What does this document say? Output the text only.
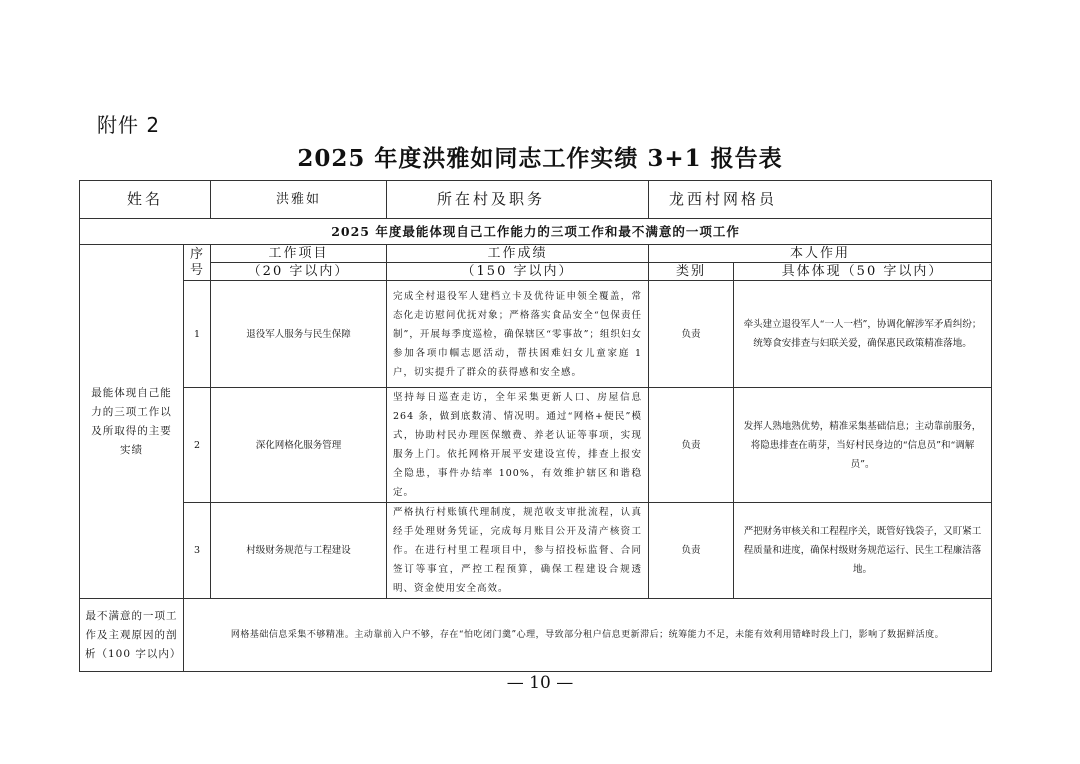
附件 2
2025 年度洪雅如同志工作实绩 3+1 报告表
姓名		洪雅如	所在村及职务	龙西村网格员	
2025 年度最能体现自己工作能力的三项工作和最不满意的一项工作					
最能体现自己能力的三项工作以及所取得的主要实绩	序号	工作项目	工作成绩	本人作用	
		（20 字以内）	（150 字以内）	类别	具体体现（50 字以内）
	1	退役军人服务与民生保障	完成全村退役军人建档立卡及优待证申领全覆盖，常态化走访慰问优抚对象；严格落实食品安全“包保责任制”，开展每季度巡检，确保辖区“零事故”；组织妇女参加各项巾帼志愿活动，帮扶困难妇女儿童家庭 1 户，切实提升了群众的获得感和安全感。	负责	牵头建立退役军人“一人一档”，协调化解涉军矛盾纠纷；统筹食安排查与妇联关爱，确保惠民政策精准落地。
	2	深化网格化服务管理	坚持每日巡查走访，全年采集更新人口、房屋信息 264 条，做到底数清、情况明。通过“网格+便民”模式，协助村民办理医保缴费、养老认证等事项，实现服务上门。依托网格开展平安建设宣传，排查上报安全隐患，事件办结率 100%，有效维护辖区和谐稳定。	负责	发挥人熟地熟优势，精准采集基础信息；主动靠前服务，将隐患排查在萌芽，当好村民身边的“信息员”和“调解员”。
	3	村级财务规范与工程建设	严格执行村账镇代理制度，规范收支审批流程，认真经手处理财务凭证，完成每月账目公开及清产核资工作。在进行村里工程项目中，参与招投标监督、合同签订等事宜，严控工程预算，确保工程建设合规透明、资金使用安全高效。	负责	严把财务审核关和工程程序关，既管好钱袋子，又盯紧工程质量和进度，确保村级财务规范运行、民生工程廉洁落地。
最不满意的一项工作及主观原因的剖析（100 字以内）	网格基础信息采集不够精准。主动靠前入户不够，存在“怕吃闭门羹”心理，导致部分租户信息更新滞后；统筹能力不足，未能有效利用错峰时段上门，影响了数据鲜活度。				
— 10 —
